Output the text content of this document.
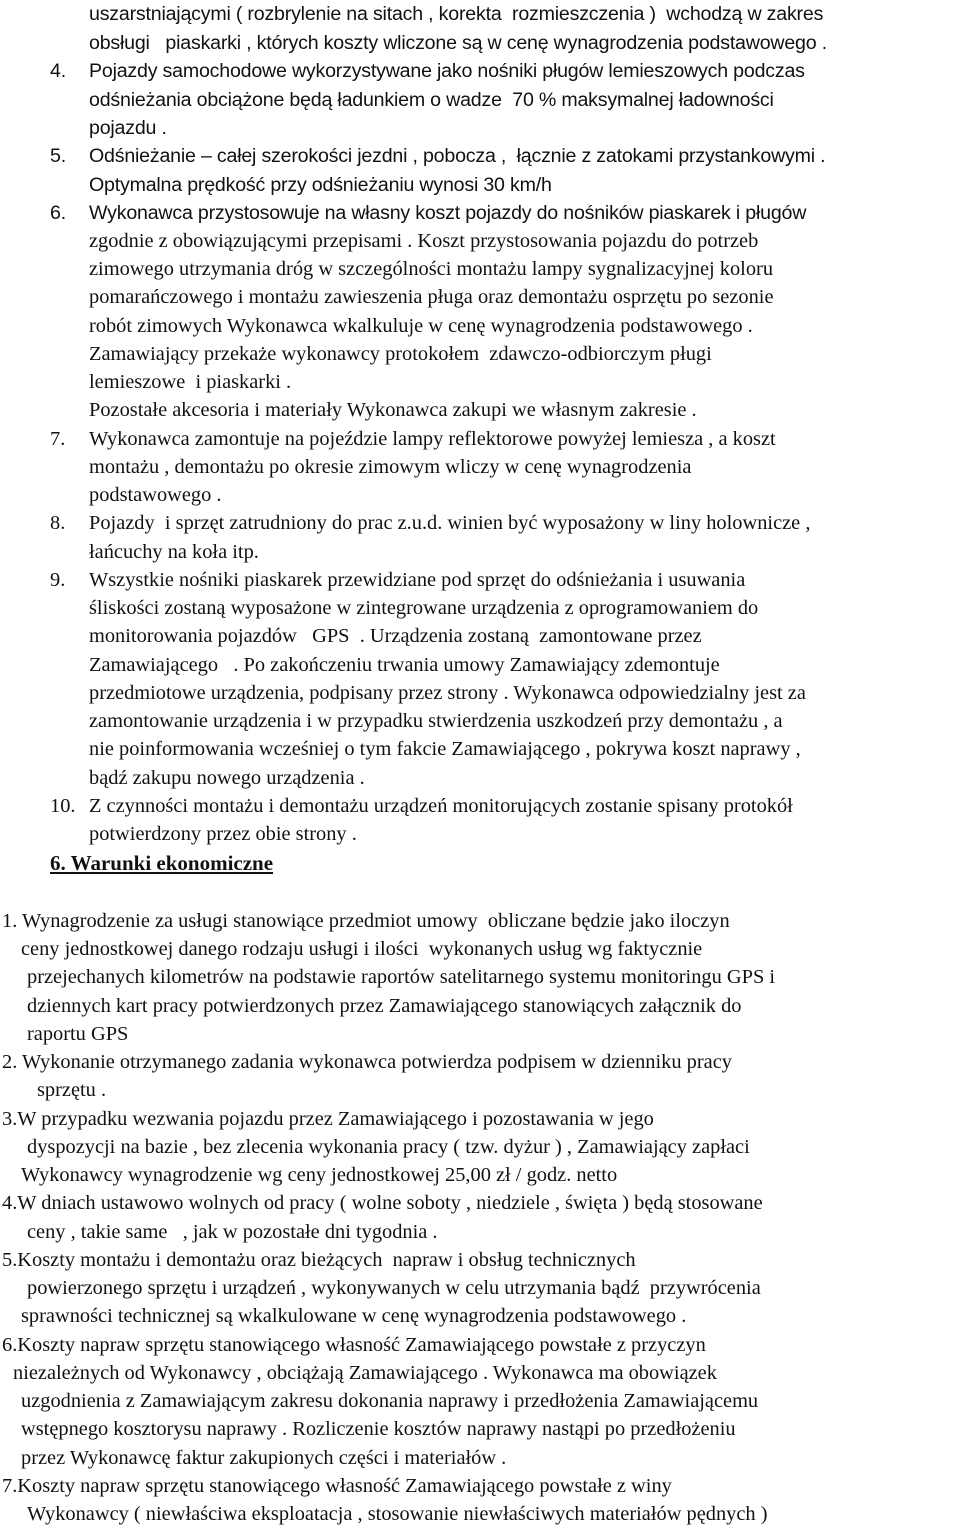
uszarstniającymi ( rozbrylenie na sitach , korekta  rozmieszczenia )  wchodzą w zakres
obsługi   piaskarki , których koszty wliczone są w cenę wynagrodzenia podstawowego .
4. Pojazdy samochodowe wykorzystywane jako nośniki pługów lemieszowych podczas
odśnieżania obciążone będą ładunkiem o wadze  70 % maksymalnej ładowności
pojazdu .
5. Odśnieżanie – całej szerokości jezdni , pobocza ,  łącznie z zatokami przystankowymi .
Optymalna prędkość przy odśnieżaniu wynosi 30 km/h
6. Wykonawca przystosowuje na własny koszt pojazdy do nośników piaskarek i pługów
zgodnie z obowiązującymi przepisami . Koszt przystosowania pojazdu do potrzeb
zimowego utrzymania dróg w szczególności montażu lampy sygnalizacyjnej koloru
pomarańczowego i montażu zawieszenia pługa oraz demontażu osprzętu po sezonie
robót zimowych Wykonawca wkalkuluje w cenę wynagrodzenia podstawowego .
Zamawiający przekaże wykonawcy protokołem  zdawczo-odbiorczym pługi
lemieszowe  i piaskarki .
Pozostałe akcesoria i materiały Wykonawca zakupi we własnym zakresie .
7. Wykonawca zamontuje na pojeździe lampy reflektorowe powyżej lemiesza , a koszt
montażu , demontażu po okresie zimowym wliczy w cenę wynagrodzenia
podstawowego .
8. Pojazdy  i sprzęt zatrudniony do prac z.u.d. winien być wyposażony w liny holownicze ,
łańcuchy na koła itp.
9. Wszystkie nośniki piaskarek przewidziane pod sprzęt do odśnieżania i usuwania
śliskości zostaną wyposażone w zintegrowane urządzenia z oprogramowaniem do
monitorowania pojazdów   GPS  . Urządzenia zostaną  zamontowane przez
Zamawiającego   . Po zakończeniu trwania umowy Zamawiający zdemontuje
przedmiotowe urządzenia, podpisany przez strony . Wykonawca odpowiedzialny jest za
zamontowanie urządzenia i w przypadku stwierdzenia uszkodzeń przy demontażu , a
nie poinformowania wcześniej o tym fakcie Zamawiającego , pokrywa koszt naprawy ,
bądź zakupu nowego urządzenia .
10. Z czynności montażu i demontażu urządzeń monitorujących zostanie spisany protokół
potwierdzony przez obie strony .
6. Warunki ekonomiczne
1. Wynagrodzenie za usługi stanowiące przedmiot umowy  obliczane będzie jako iloczyn
ceny jednostkowej danego rodzaju usługi i ilości  wykonanych usług wg faktycznie
przejechanych kilometrów na podstawie raportów satelitarnego systemu monitoringu GPS i
dziennych kart pracy potwierdzonych przez Zamawiającego stanowiących załącznik do
raportu GPS
2. Wykonanie otrzymanego zadania wykonawca potwierdza podpisem w dzienniku pracy
sprzętu .
3.W przypadku wezwania pojazdu przez Zamawiającego i pozostawania w jego
dyspozycji na bazie , bez zlecenia wykonania pracy ( tzw. dyżur ) , Zamawiający zapłaci
Wykonawcy wynagrodzenie wg ceny jednostkowej 25,00 zł / godz. netto
4.W dniach ustawowo wolnych od pracy ( wolne soboty , niedziele , święta ) będą stosowane
ceny , takie same   , jak w pozostałe dni tygodnia .
5.Koszty montażu i demontażu oraz bieżących  napraw i obsług technicznych
powierzonego sprzętu i urządzeń , wykonywanych w celu utrzymania bądź  przywrócenia
sprawności technicznej są wkalkulowane w cenę wynagrodzenia podstawowego .
6.Koszty napraw sprzętu stanowiącego własność Zamawiającego powstałe z przyczyn
niezależnych od Wykonawcy , obciążają Zamawiającego . Wykonawca ma obowiązek
uzgodnienia z Zamawiającym zakresu dokonania naprawy i przedłożenia Zamawiającemu
wstępnego kosztorysu naprawy . Rozliczenie kosztów naprawy nastąpi po przedłożeniu
przez Wykonawcę faktur zakupionych części i materiałów .
7.Koszty napraw sprzętu stanowiącego własność Zamawiającego powstałe z winy
Wykonawcy ( niewłaściwa eksploatacja , stosowanie niewłaściwych materiałów pędnych )
